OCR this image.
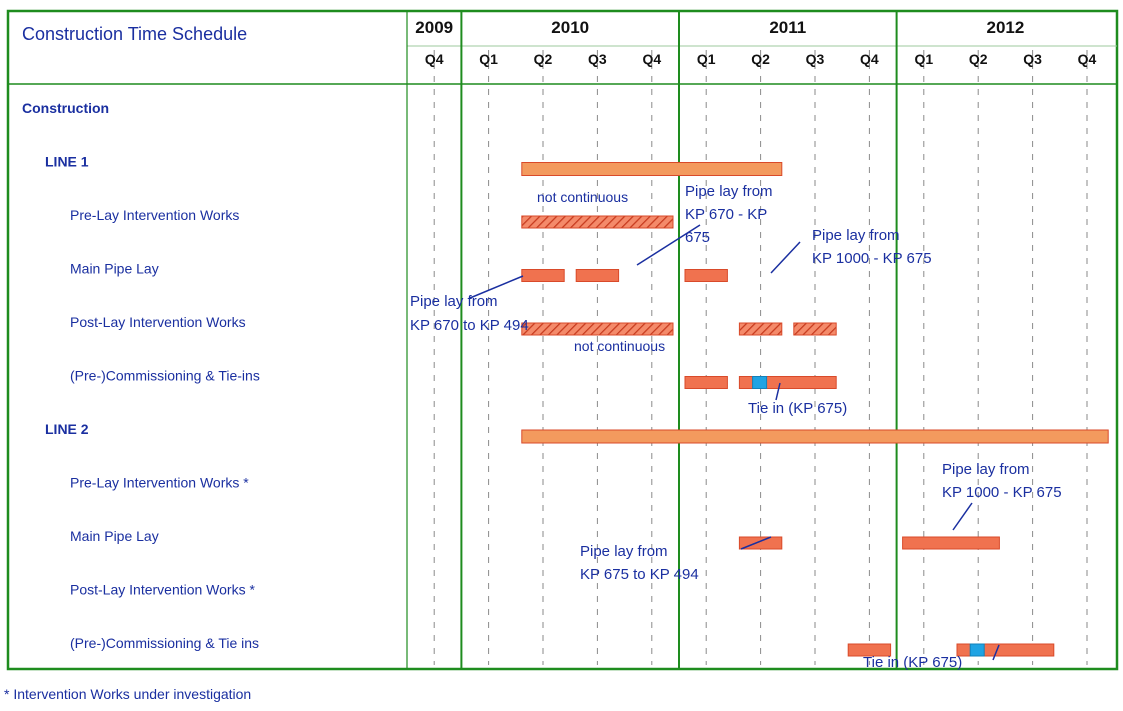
2009
Q4
2010
Q1	Q2	Q3	Q4
2011
Q1	Q2	Q3	Q4
2012
Q1	Q2	Q3	Q4
Construction Time Schedule
Construction
LINE 1
Pre-Lay Intervention Works
Main Pipe Lay
Post-Lay Intervention Works
(Pre-)Commissioning & Tie-ins
LINE 2
Pre-Lay Intervention Works *
Main Pipe Lay
Post-Lay Intervention Works *
(Pre-)Commissioning & Tie ins
not continuous	Pipe lay from KP 670 - KP 675	Pipe lay from KP 1000 - KP 675
Pipe lay from KP 670 to KP 494
not continuous
Tie in (KP 675)
Pipe lay from KP 1000 - KP 675
Pipe lay from KP 675 to KP 494
Tie in (KP 675)
* Intervention Works under investigation
